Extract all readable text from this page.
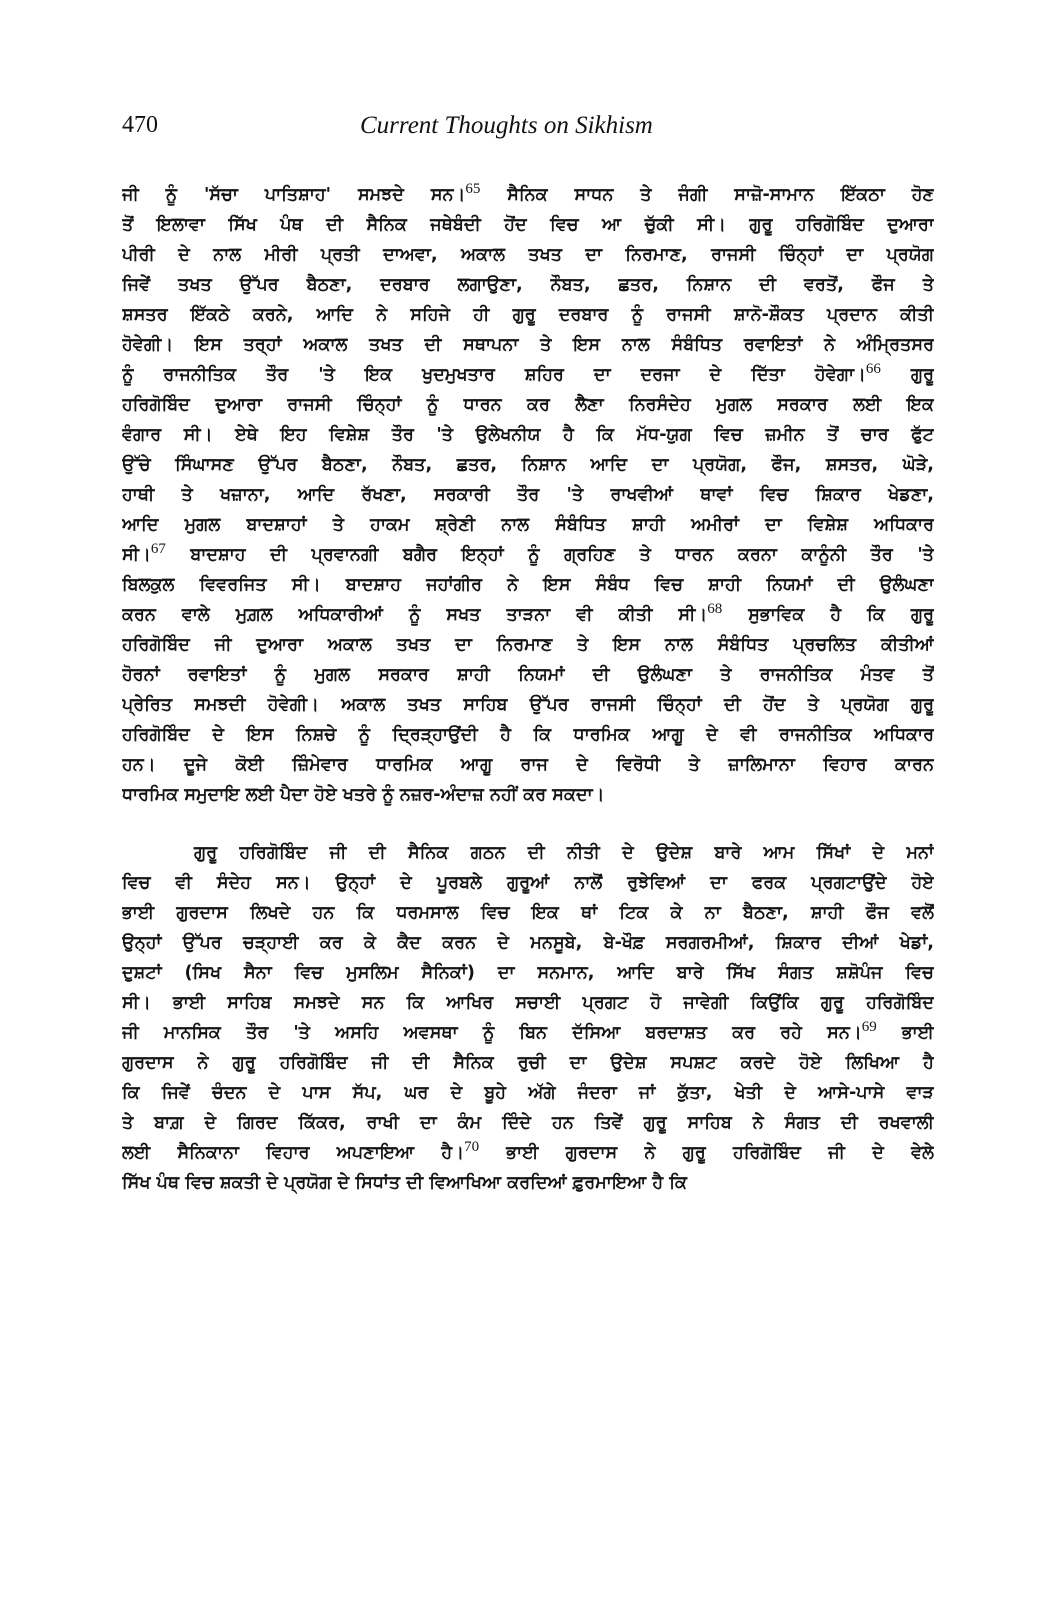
470	Current Thoughts on Sikhism
ਜੀ ਨੂੰ 'ਸੱਚਾ ਪਾਤਿਸ਼ਾਹ' ਸਮਝਦੇ ਸਨ।$^{65}$ ਸੈਨਿਕ ਸਾਧਨ ਤੇ ਜੰਗੀ ਸਾਜ਼ੋ-ਸਾਮਾਨ ਇੱਕਠਾ ਹੋਣ
ਤੋਂ ਇਲਾਵਾ ਸਿੱਖ ਪੰਥ ਦੀ ਸੈਨਿਕ ਜਥੇਬੰਦੀ ਹੋਂਦ ਵਿਚ ਆ ਚੁੱਕੀ ਸੀ। ਗੁਰੂ ਹਰਿਗੋਬਿੰਦ ਦੁਆਰਾ
ਪੀਰੀ ਦੇ ਨਾਲ ਮੀਰੀ ਪ੍ਰਤੀ ਦਾਅਵਾ, ਅਕਾਲ ਤਖਤ ਦਾ ਨਿਰਮਾਣ, ਰਾਜਸੀ ਚਿੰਨ੍ਹਾਂ ਦਾ ਪ੍ਰਯੋਗ
ਜਿਵੇਂ ਤਖਤ ਉੱਪਰ ਬੈਠਣਾ, ਦਰਬਾਰ ਲਗਾਉਣਾ, ਨੌਬਤ, ਛਤਰ, ਨਿਸ਼ਾਨ ਦੀ ਵਰਤੋਂ, ਫੌਜ ਤੇ
ਸ਼ਸਤਰ ਇੱਕਠੇ ਕਰਨੇ, ਆਦਿ ਨੇ ਸਹਿਜੇ ਹੀ ਗੁਰੂ ਦਰਬਾਰ ਨੂੰ ਰਾਜਸੀ ਸ਼ਾਨੋ-ਸ਼ੌਕਤ ਪ੍ਰਦਾਨ ਕੀਤੀ
ਹੋਵੇਗੀ। ਇਸ ਤਰ੍ਹਾਂ ਅਕਾਲ ਤਖਤ ਦੀ ਸਥਾਪਨਾ ਤੇ ਇਸ ਨਾਲ ਸੰਬੰਧਿਤ ਰਵਾਇਤਾਂ ਨੇ ਅੰਮ੍ਰਿਤਸਰ
ਨੂੰ ਰਾਜਨੀਤਿਕ ਤੌਰ 'ਤੇ ਇਕ ਖੁਦਮੁਖਤਾਰ ਸ਼ਹਿਰ ਦਾ ਦਰਜਾ ਦੇ ਦਿੱਤਾ ਹੋਵੇਗਾ।$^{66}$ ਗੁਰੂ
ਹਰਿਗੋਬਿੰਦ ਦੁਆਰਾ ਰਾਜਸੀ ਚਿੰਨ੍ਹਾਂ ਨੂੰ ਧਾਰਨ ਕਰ ਲੈਣਾ ਨਿਰਸੰਦੇਹ ਮੁਗਲ ਸਰਕਾਰ ਲਈ ਇਕ
ਵੰਗਾਰ ਸੀ। ਏਥੇ ਇਹ ਵਿਸ਼ੇਸ਼ ਤੌਰ 'ਤੇ ਉਲੇਖਨੀਯ ਹੈ ਕਿ ਮੱਧ-ਯੁਗ ਵਿਚ ਜ਼ਮੀਨ ਤੋਂ ਚਾਰ ਫੁੱਟ
ਉੱਚੇ ਸਿੰਘਾਸਣ ਉੱਪਰ ਬੈਠਣਾ, ਨੌਬਤ, ਛਤਰ, ਨਿਸ਼ਾਨ ਆਦਿ ਦਾ ਪ੍ਰਯੋਗ, ਫੌਜ, ਸ਼ਸਤਰ, ਘੋੜੇ,
ਹਾਥੀ ਤੇ ਖਜ਼ਾਨਾ, ਆਦਿ ਰੱਖਣਾ, ਸਰਕਾਰੀ ਤੌਰ 'ਤੇ ਰਾਖਵੀਆਂ ਥਾਵਾਂ ਵਿਚ ਸ਼ਿਕਾਰ ਖੇਡਣਾ,
ਆਦਿ ਮੁਗਲ ਬਾਦਸ਼ਾਹਾਂ ਤੇ ਹਾਕਮ ਸ਼੍ਰੇਣੀ ਨਾਲ ਸੰਬੰਧਿਤ ਸ਼ਾਹੀ ਅਮੀਰਾਂ ਦਾ ਵਿਸ਼ੇਸ਼ ਅਧਿਕਾਰ
ਸੀ।$^{67}$ ਬਾਦਸ਼ਾਹ ਦੀ ਪ੍ਰਵਾਨਗੀ ਬਗੈਰ ਇਨ੍ਹਾਂ ਨੂੰ ਗ੍ਰਹਿਣ ਤੇ ਧਾਰਨ ਕਰਨਾ ਕਾਨੂੰਨੀ ਤੌਰ 'ਤੇ
ਬਿਲਕੁਲ ਵਿਵਰਜਿਤ ਸੀ। ਬਾਦਸ਼ਾਹ ਜਹਾਂਗੀਰ ਨੇ ਇਸ ਸੰਬੰਧ ਵਿਚ ਸ਼ਾਹੀ ਨਿਯਮਾਂ ਦੀ ਉਲੰਘਣਾ
ਕਰਨ ਵਾਲੇ ਮੁਗ਼ਲ ਅਧਿਕਾਰੀਆਂ ਨੂੰ ਸਖਤ ਤਾੜਨਾ ਵੀ ਕੀਤੀ ਸੀ।$^{68}$ ਸੁਭਾਵਿਕ ਹੈ ਕਿ ਗੁਰੂ
ਹਰਿਗੋਬਿੰਦ ਜੀ ਦੁਆਰਾ ਅਕਾਲ ਤਖਤ ਦਾ ਨਿਰਮਾਣ ਤੇ ਇਸ ਨਾਲ ਸੰਬੰਧਿਤ ਪ੍ਰਚਲਿਤ ਕੀਤੀਆਂ
ਹੋਰਨਾਂ ਰਵਾਇਤਾਂ ਨੂੰ ਮੁਗਲ ਸਰਕਾਰ ਸ਼ਾਹੀ ਨਿਯਮਾਂ ਦੀ ਉਲੰਘਣਾ ਤੇ ਰਾਜਨੀਤਿਕ ਮੰਤਵ ਤੋਂ
ਪ੍ਰੇਰਿਤ ਸਮਝਦੀ ਹੋਵੇਗੀ। ਅਕਾਲ ਤਖਤ ਸਾਹਿਬ ਉੱਪਰ ਰਾਜਸੀ ਚਿੰਨ੍ਹਾਂ ਦੀ ਹੋਂਦ ਤੇ ਪ੍ਰਯੋਗ ਗੁਰੂ
ਹਰਿਗੋਬਿੰਦ ਦੇ ਇਸ ਨਿਸ਼ਚੇ ਨੂੰ ਦ੍ਰਿੜ੍ਹਾਉਂਦੀ ਹੈ ਕਿ ਧਾਰਮਿਕ ਆਗੂ ਦੇ ਵੀ ਰਾਜਨੀਤਿਕ ਅਧਿਕਾਰ
ਹਨ। ਦੂਜੇ ਕੋਈ ਜ਼ਿੰਮੇਵਾਰ ਧਾਰਮਿਕ ਆਗੂ ਰਾਜ ਦੇ ਵਿਰੋਧੀ ਤੇ ਜ਼ਾਲਿਮਾਨਾ ਵਿਹਾਰ ਕਾਰਨ
ਧਾਰਮਿਕ ਸਮੁਦਾਇ ਲਈ ਪੈਦਾ ਹੋਏ ਖਤਰੇ ਨੂੰ ਨਜ਼ਰ-ਅੰਦਾਜ਼ ਨਹੀਂ ਕਰ ਸਕਦਾ।
ਗੁਰੂ ਹਰਿਗੋਬਿੰਦ ਜੀ ਦੀ ਸੈਨਿਕ ਗਠਨ ਦੀ ਨੀਤੀ ਦੇ ਉਦੇਸ਼ ਬਾਰੇ ਆਮ ਸਿੱਖਾਂ ਦੇ ਮਨਾਂ
ਵਿਚ ਵੀ ਸੰਦੇਹ ਸਨ। ਉਨ੍ਹਾਂ ਦੇ ਪੂਰਬਲੇ ਗੁਰੂਆਂ ਨਾਲੋਂ ਰੁਝੇਵਿਆਂ ਦਾ ਫਰਕ ਪ੍ਰਗਟਾਉਂਦੇ ਹੋਏ
ਭਾਈ ਗੁਰਦਾਸ ਲਿਖਦੇ ਹਨ ਕਿ ਧਰਮਸਾਲ ਵਿਚ ਇਕ ਥਾਂ ਟਿਕ ਕੇ ਨਾ ਬੈਠਣਾ, ਸ਼ਾਹੀ ਫੌਜ ਵਲੋਂ
ਉਨ੍ਹਾਂ ਉੱਪਰ ਚੜ੍ਹਾਈ ਕਰ ਕੇ ਕੈਦ ਕਰਨ ਦੇ ਮਨਸੂਬੇ, ਬੇ-ਖੌਫ਼ ਸਰਗਰਮੀਆਂ, ਸ਼ਿਕਾਰ ਦੀਆਂ ਖੇਡਾਂ,
ਦੁਸ਼ਟਾਂ (ਸਿਖ ਸੈਨਾ ਵਿਚ ਮੁਸਲਿਮ ਸੈਨਿਕਾਂ) ਦਾ ਸਨਮਾਨ, ਆਦਿ ਬਾਰੇ ਸਿੱਖ ਸੰਗਤ ਸ਼ਸ਼ੋਪੰਜ ਵਿਚ
ਸੀ। ਭਾਈ ਸਾਹਿਬ ਸਮਝਦੇ ਸਨ ਕਿ ਆਖਿਰ ਸਚਾਈ ਪ੍ਰਗਟ ਹੋ ਜਾਵੇਗੀ ਕਿਉਂਕਿ ਗੁਰੂ ਹਰਿਗੋਬਿੰਦ
ਜੀ ਮਾਨਸਿਕ ਤੌਰ 'ਤੇ ਅਸਹਿ ਅਵਸਥਾ ਨੂੰ ਬਿਨ ਦੱਸਿਆ ਬਰਦਾਸ਼ਤ ਕਰ ਰਹੇ ਸਨ।$^{69}$ ਭਾਈ
ਗੁਰਦਾਸ ਨੇ ਗੁਰੂ ਹਰਿਗੋਬਿੰਦ ਜੀ ਦੀ ਸੈਨਿਕ ਰੁਚੀ ਦਾ ਉਦੇਸ਼ ਸਪਸ਼ਟ ਕਰਦੇ ਹੋਏ ਲਿਖਿਆ ਹੈ
ਕਿ ਜਿਵੇਂ ਚੰਦਨ ਦੇ ਪਾਸ ਸੱਪ, ਘਰ ਦੇ ਬੂਹੇ ਅੱਗੇ ਜੰਦਰਾ ਜਾਂ ਕੁੱਤਾ, ਖੇਤੀ ਦੇ ਆਸੇ-ਪਾਸੇ ਵਾੜ
ਤੇ ਬਾਗ਼ ਦੇ ਗਿਰਦ ਕਿੱਕਰ, ਰਾਖੀ ਦਾ ਕੰਮ ਦਿੰਦੇ ਹਨ ਤਿਵੇਂ ਗੁਰੂ ਸਾਹਿਬ ਨੇ ਸੰਗਤ ਦੀ ਰਖਵਾਲੀ
ਲਈ ਸੈਨਿਕਾਨਾ ਵਿਹਾਰ ਅਪਣਾਇਆ ਹੈ।$^{70}$ ਭਾਈ ਗੁਰਦਾਸ ਨੇ ਗੁਰੂ ਹਰਿਗੋਬਿੰਦ ਜੀ ਦੇ ਵੇਲੇ
ਸਿੱਖ ਪੰਥ ਵਿਚ ਸ਼ਕਤੀ ਦੇ ਪ੍ਰਯੋਗ ਦੇ ਸਿਧਾਂਤ ਦੀ ਵਿਆਖਿਆ ਕਰਦਿਆਂ ਫ਼ੁਰਮਾਇਆ ਹੈ ਕਿ
